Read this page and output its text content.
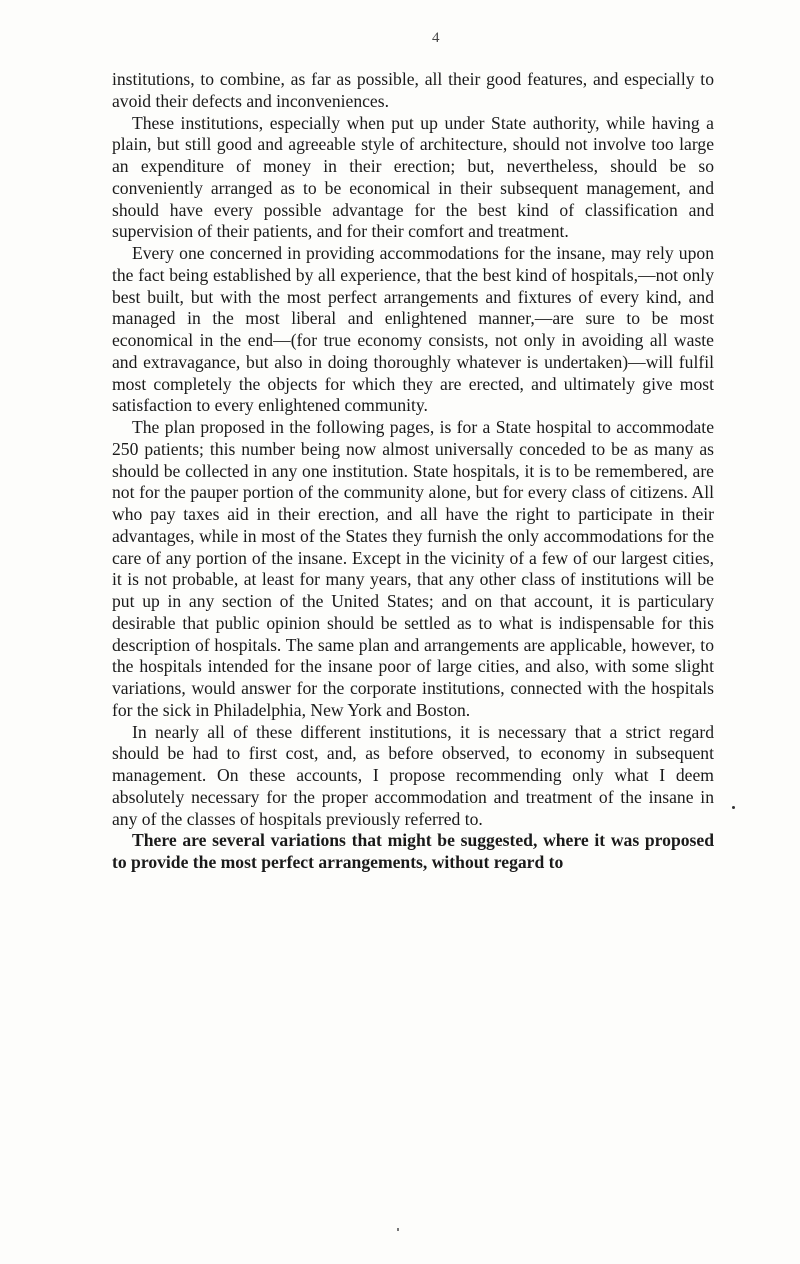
4

institutions, to combine, as far as possible, all their good features, and especially to avoid their defects and inconveniences.

These institutions, especially when put up under State authority, while having a plain, but still good and agreeable style of architecture, should not involve too large an expenditure of money in their erection; but, nevertheless, should be so conveniently arranged as to be economical in their subsequent management, and should have every possible advantage for the best kind of classification and supervision of their patients, and for their comfort and treatment.

Every one concerned in providing accommodations for the insane, may rely upon the fact being established by all experience, that the best kind of hospitals,—not only best built, but with the most perfect arrangements and fixtures of every kind, and managed in the most liberal and enlightened manner,—are sure to be most economical in the end—(for true economy consists, not only in avoiding all waste and extravagance, but also in doing thoroughly whatever is undertaken)—will fulfil most completely the objects for which they are erected, and ultimately give most satisfaction to every enlightened community.

The plan proposed in the following pages, is for a State hospital to accommodate 250 patients; this number being now almost universally conceded to be as many as should be collected in any one institution. State hospitals, it is to be remembered, are not for the pauper portion of the community alone, but for every class of citizens. All who pay taxes aid in their erection, and all have the right to participate in their advantages, while in most of the States they furnish the only accommodations for the care of any portion of the insane. Except in the vicinity of a few of our largest cities, it is not probable, at least for many years, that any other class of institutions will be put up in any section of the United States; and on that account, it is particulary desirable that public opinion should be settled as to what is indispensable for this description of hospitals. The same plan and arrangements are applicable, however, to the hospitals intended for the insane poor of large cities, and also, with some slight variations, would answer for the corporate institutions, connected with the hospitals for the sick in Philadelphia, New York and Boston.

In nearly all of these different institutions, it is necessary that a strict regard should be had to first cost, and, as before observed, to economy in subsequent management. On these accounts, I propose recommending only what I deem absolutely necessary for the proper accommodation and treatment of the insane in any of the classes of hospitals previously referred to.

There are several variations that might be suggested, where it was proposed to provide the most perfect arrangements, without regard to
